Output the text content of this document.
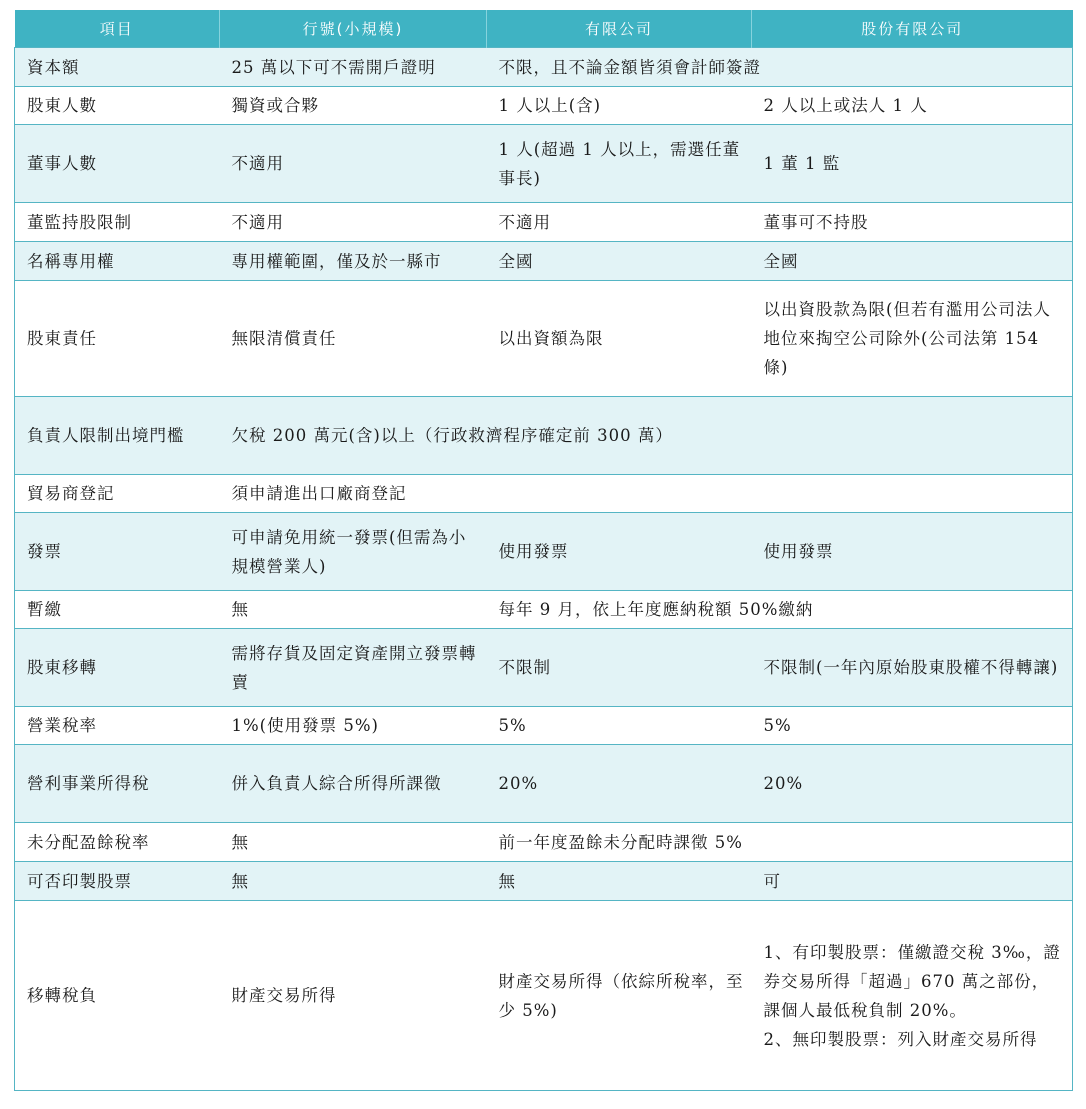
項目	行號(小規模)	有限公司	股份有限公司
資本額	25 萬以下可不需開戶證明	不限，且不論金額皆須會計師簽證	
股東人數	獨資或合夥	1 人以上(含)	2 人以上或法人 1 人
董事人數	不適用	1 人(超過 1 人以上，需選任董事長)	1 董 1 監
董監持股限制	不適用	不適用	董事可不持股
名稱專用權	專用權範圍，僅及於一縣市	全國	全國
股東責任	無限清償責任	以出資額為限	以出資股款為限(但若有濫用公司法人地位來掏空公司除外(公司法第 154 條)
負責人限制出境門檻	欠稅 200 萬元(含)以上（行政救濟程序確定前 300 萬）		
貿易商登記	須申請進出口廠商登記		
發票	可申請免用統一發票(但需為小規模營業人)	使用發票	使用發票
暫繳	無	每年 9 月，依上年度應納稅額 50%繳納	
股東移轉	需將存貨及固定資產開立發票轉賣	不限制	不限制(一年內原始股東股權不得轉讓)
營業稅率	1%(使用發票 5%)	5%	5%
營利事業所得稅	併入負責人綜合所得所課徵	20%	20%
未分配盈餘稅率	無	前一年度盈餘未分配時課徵 5%	
可否印製股票	無	無	可
移轉稅負	財產交易所得	財產交易所得（依綜所稅率，至少 5%)	1、有印製股票：僅繳證交稅 3‰，證券交易所得「超過」670 萬之部份，課個人最低稅負制 20%。
2、無印製股票：列入財產交易所得
